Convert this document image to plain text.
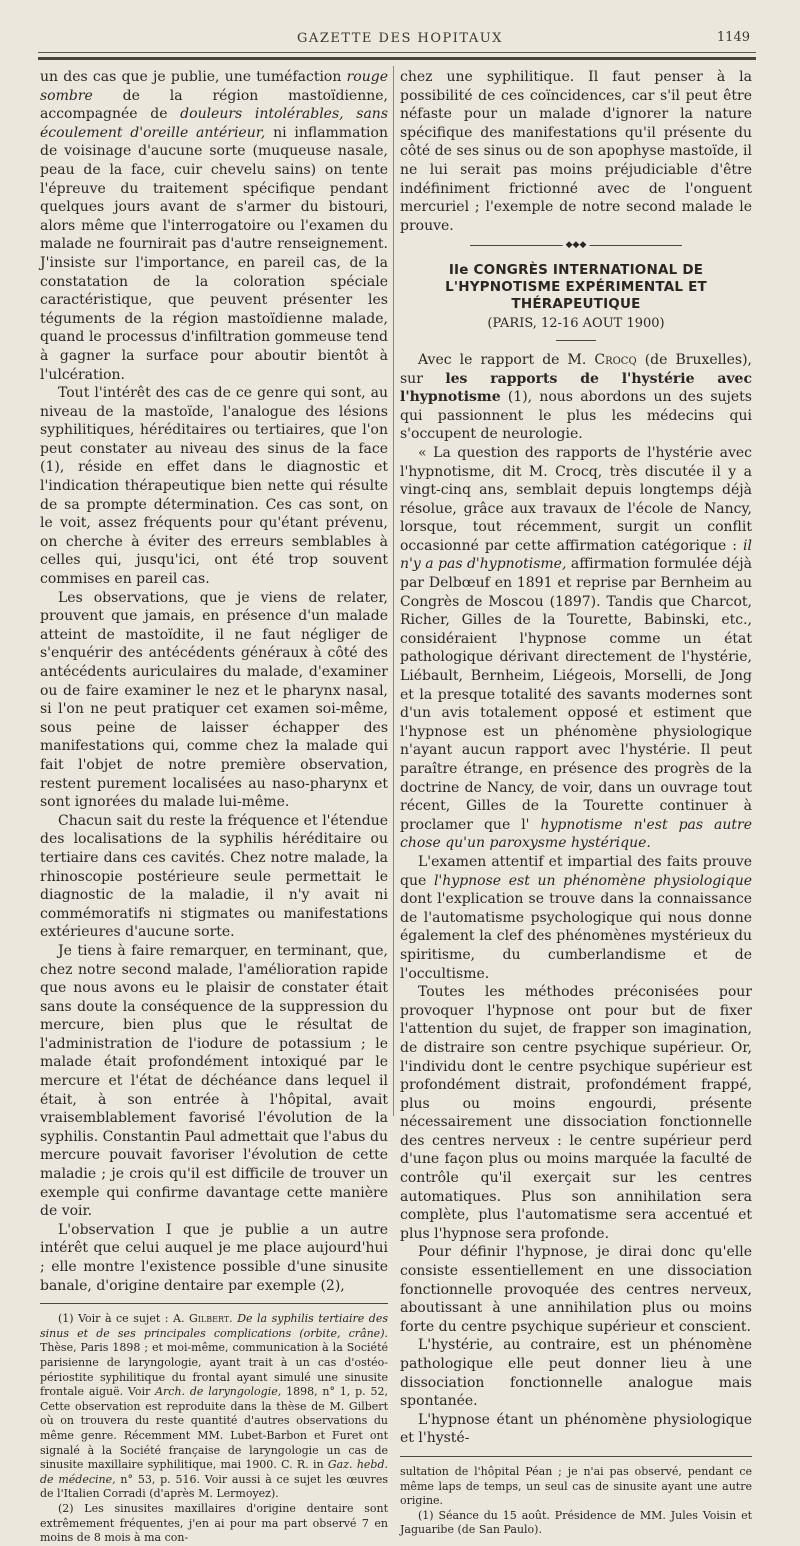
GAZETTE DES HOPITAUX	1149

un des cas que je publie, une tuméfaction rouge sombre de la région mastoïdienne, accompagnée de douleurs intolérables, sans écoulement d'oreille antérieur, ni inflammation de voisinage d'aucune sorte (muqueuse nasale, peau de la face, cuir chevelu sains) on tente l'épreuve du traitement spécifique pendant quelques jours avant de s'armer du bistouri, alors même que l'interrogatoire ou l'examen du malade ne fournirait pas d'autre renseignement. J'insiste sur l'importance, en pareil cas, de la constatation de la coloration spéciale caractéristique, que peuvent présenter les téguments de la région mastoïdienne malade, quand le processus d'infiltration gommeuse tend à gagner la surface pour aboutir bientôt à l'ulcération.

Tout l'intérêt des cas de ce genre qui sont, au niveau de la mastoïde, l'analogue des lésions syphilitiques, héréditaires ou tertiaires, que l'on peut constater au niveau des sinus de la face (1), réside en effet dans le diagnostic et l'indication thérapeutique bien nette qui résulte de sa prompte détermination. Ces cas sont, on le voit, assez fréquents pour qu'étant prévenu, on cherche à éviter des erreurs semblables à celles qui, jusqu'ici, ont été trop souvent commises en pareil cas.

Les observations, que je viens de relater, prouvent que jamais, en présence d'un malade atteint de mastoïdite, il ne faut négliger de s'enquérir des antécédents généraux à côté des antécédents auriculaires du malade, d'examiner ou de faire examiner le nez et le pharynx nasal, si l'on ne peut pratiquer cet examen soi-même, sous peine de laisser échapper des manifestations qui, comme chez la malade qui fait l'objet de notre première observation, restent purement localisées au naso-pharynx et sont ignorées du malade lui-même.

Chacun sait du reste la fréquence et l'étendue des localisations de la syphilis héréditaire ou tertiaire dans ces cavités. Chez notre malade, la rhinoscopie postérieure seule permettait le diagnostic de la maladie, il n'y avait ni commémoratifs ni stigmates ou manifestations extérieures d'aucune sorte.

Je tiens à faire remarquer, en terminant, que, chez notre second malade, l'amélioration rapide que nous avons eu le plaisir de constater était sans doute la conséquence de la suppression du mercure, bien plus que le résultat de l'administration de l'iodure de potassium ; le malade était profondément intoxiqué par le mercure et l'état de déchéance dans lequel il était, à son entrée à l'hôpital, avait vraisemblablement favorisé l'évolution de la syphilis. Constantin Paul admettait que l'abus du mercure pouvait favoriser l'évolution de cette maladie ; je crois qu'il est difficile de trouver un exemple qui confirme davantage cette manière de voir.

L'observation I que je publie a un autre intérêt que celui auquel je me place aujourd'hui ; elle montre l'existence possible d'une sinusite banale, d'origine dentaire par exemple (2),

(1) Voir à ce sujet : A. Gilbert. De la syphilis tertiaire des sinus et de ses principales complications (orbite, crâne). Thèse, Paris 1898 ; et moi-même, communication à la Société parisienne de laryngologie, ayant trait à un cas d'ostéo-périostite syphilitique du frontal ayant simulé une sinusite frontale aiguë. Voir Arch. de laryngologie, 1898, n° 1, p. 52, Cette observation est reproduite dans la thèse de M. Gilbert où on trouvera du reste quantité d'autres observations du même genre. Récemment MM. Lubet-Barbon et Furet ont signalé à la Société française de laryngologie un cas de sinusite maxillaire syphilitique, mai 1900. C. R. in Gaz. hebd. de médecine, n° 53, p. 516. Voir aussi à ce sujet les œuvres de l'Italien Corradi (d'après M. Lermoyez).

(2) Les sinusites maxillaires d'origine dentaire sont extrêmement fréquentes, j'en ai pour ma part observé 7 en moins de 8 mois à ma con-

chez une syphilitique. Il faut penser à la possibilité de ces coïncidences, car s'il peut être néfaste pour un malade d'ignorer la nature spécifique des manifestations qu'il présente du côté de ses sinus ou de son apophyse mastoïde, il ne lui serait pas moins préjudiciable d'être indéfiniment frictionné avec de l'onguent mercuriel ; l'exemple de notre second malade le prouve.

◆◆◆
IIe CONGRÈS INTERNATIONAL DE L'HYPNOTISME EXPÉRIMENTAL ET THÉRAPEUTIQUE
(PARIS, 12-16 AOUT 1900)

Avec le rapport de M. Crocq (de Bruxelles), sur les rapports de l'hystérie avec l'hypnotisme (1), nous abordons un des sujets qui passionnent le plus les médecins qui s'occupent de neurologie.

« La question des rapports de l'hystérie avec l'hypnotisme, dit M. Crocq, très discutée il y a vingt-cinq ans, semblait depuis longtemps déjà résolue, grâce aux travaux de l'école de Nancy, lorsque, tout récemment, surgit un conflit occasionné par cette affirmation catégorique : il n'y a pas d'hypnotisme, affirmation formulée déjà par Delbœuf en 1891 et reprise par Bernheim au Congrès de Moscou (1897). Tandis que Charcot, Richer, Gilles de la Tourette, Babinski, etc., considéraient l'hypnose comme un état pathologique dérivant directement de l'hystérie, Liébault, Bernheim, Liégeois, Morselli, de Jong et la presque totalité des savants modernes sont d'un avis totalement opposé et estiment que l'hypnose est un phénomène physiologique n'ayant aucun rapport avec l'hystérie. Il peut paraître étrange, en présence des progrès de la doctrine de Nancy, de voir, dans un ouvrage tout récent, Gilles de la Tourette continuer à proclamer que l' hypnotisme n'est pas autre chose qu'un paroxysme hystérique.

L'examen attentif et impartial des faits prouve que l'hypnose est un phénomène physiologique dont l'explication se trouve dans la connaissance de l'automatisme psychologique qui nous donne également la clef des phénomènes mystérieux du spiritisme, du cumberlandisme et de l'occultisme.

Toutes les méthodes préconisées pour provoquer l'hypnose ont pour but de fixer l'attention du sujet, de frapper son imagination, de distraire son centre psychique supérieur. Or, l'individu dont le centre psychique supérieur est profondément distrait, profondément frappé, plus ou moins engourdi, présente nécessairement une dissociation fonctionnelle des centres nerveux : le centre supérieur perd d'une façon plus ou moins marquée la faculté de contrôle qu'il exerçait sur les centres automatiques. Plus son annihilation sera complète, plus l'automatisme sera accentué et plus l'hypnose sera profonde.

Pour définir l'hypnose, je dirai donc qu'elle consiste essentiellement en une dissociation fonctionnelle provoquée des centres nerveux, aboutissant à une annihilation plus ou moins forte du centre psychique supérieur et conscient.

L'hystérie, au contraire, est un phénomène pathologique elle peut donner lieu à une dissociation fonctionnelle analogue mais spontanée.

L'hypnose étant un phénomène physiologique et l'hysté-

sultation de l'hôpital Péan ; je n'ai pas observé, pendant ce même laps de temps, un seul cas de sinusite ayant une autre origine.

(1) Séance du 15 août. Présidence de MM. Jules Voisin et Jaguaribe (de San Paulo).
